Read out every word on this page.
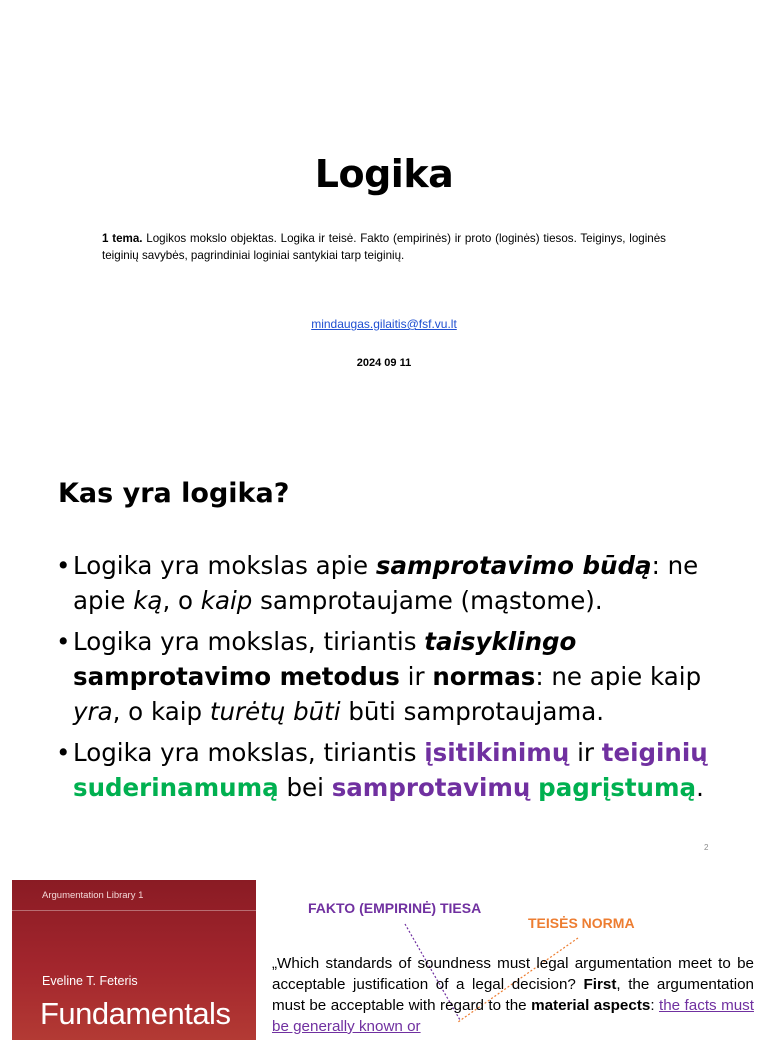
Logika

1 tema. Logikos mokslo objektas. Logika ir teisė. Fakto (empirinės) ir proto (loginės) tiesos. Teiginys, loginės teiginių savybės, pagrindiniai loginiai santykiai tarp teiginių.

mindaugas.gilaitis@fsf.vu.lt
2024 09 11
Kas yra logika?
• Logika yra mokslas apie samprotavimo būdą: ne apie ką, o kaip samprotaujame (mąstome).
• Logika yra mokslas, tiriantis taisyklingo
samprotavimo metodus ir normas: ne apie kaip yra, o kaip turėtų būti būti samprotaujama.
• Logika yra mokslas, tiriantis įsitikinimų ir teiginių
suderinamumą bei samprotavimų pagrįstumą.
2
Argumentation Library 1
Eveline T. Feteris
Fundamentals
FAKTO (EMPIRINĖ) TIESA
TEISĖS NORMA

„Which standards of soundness must legal argumentation meet to be acceptable justification of a legal decision? First, the argumentation must be acceptable with regard to the material aspects: the facts must be generally known or
